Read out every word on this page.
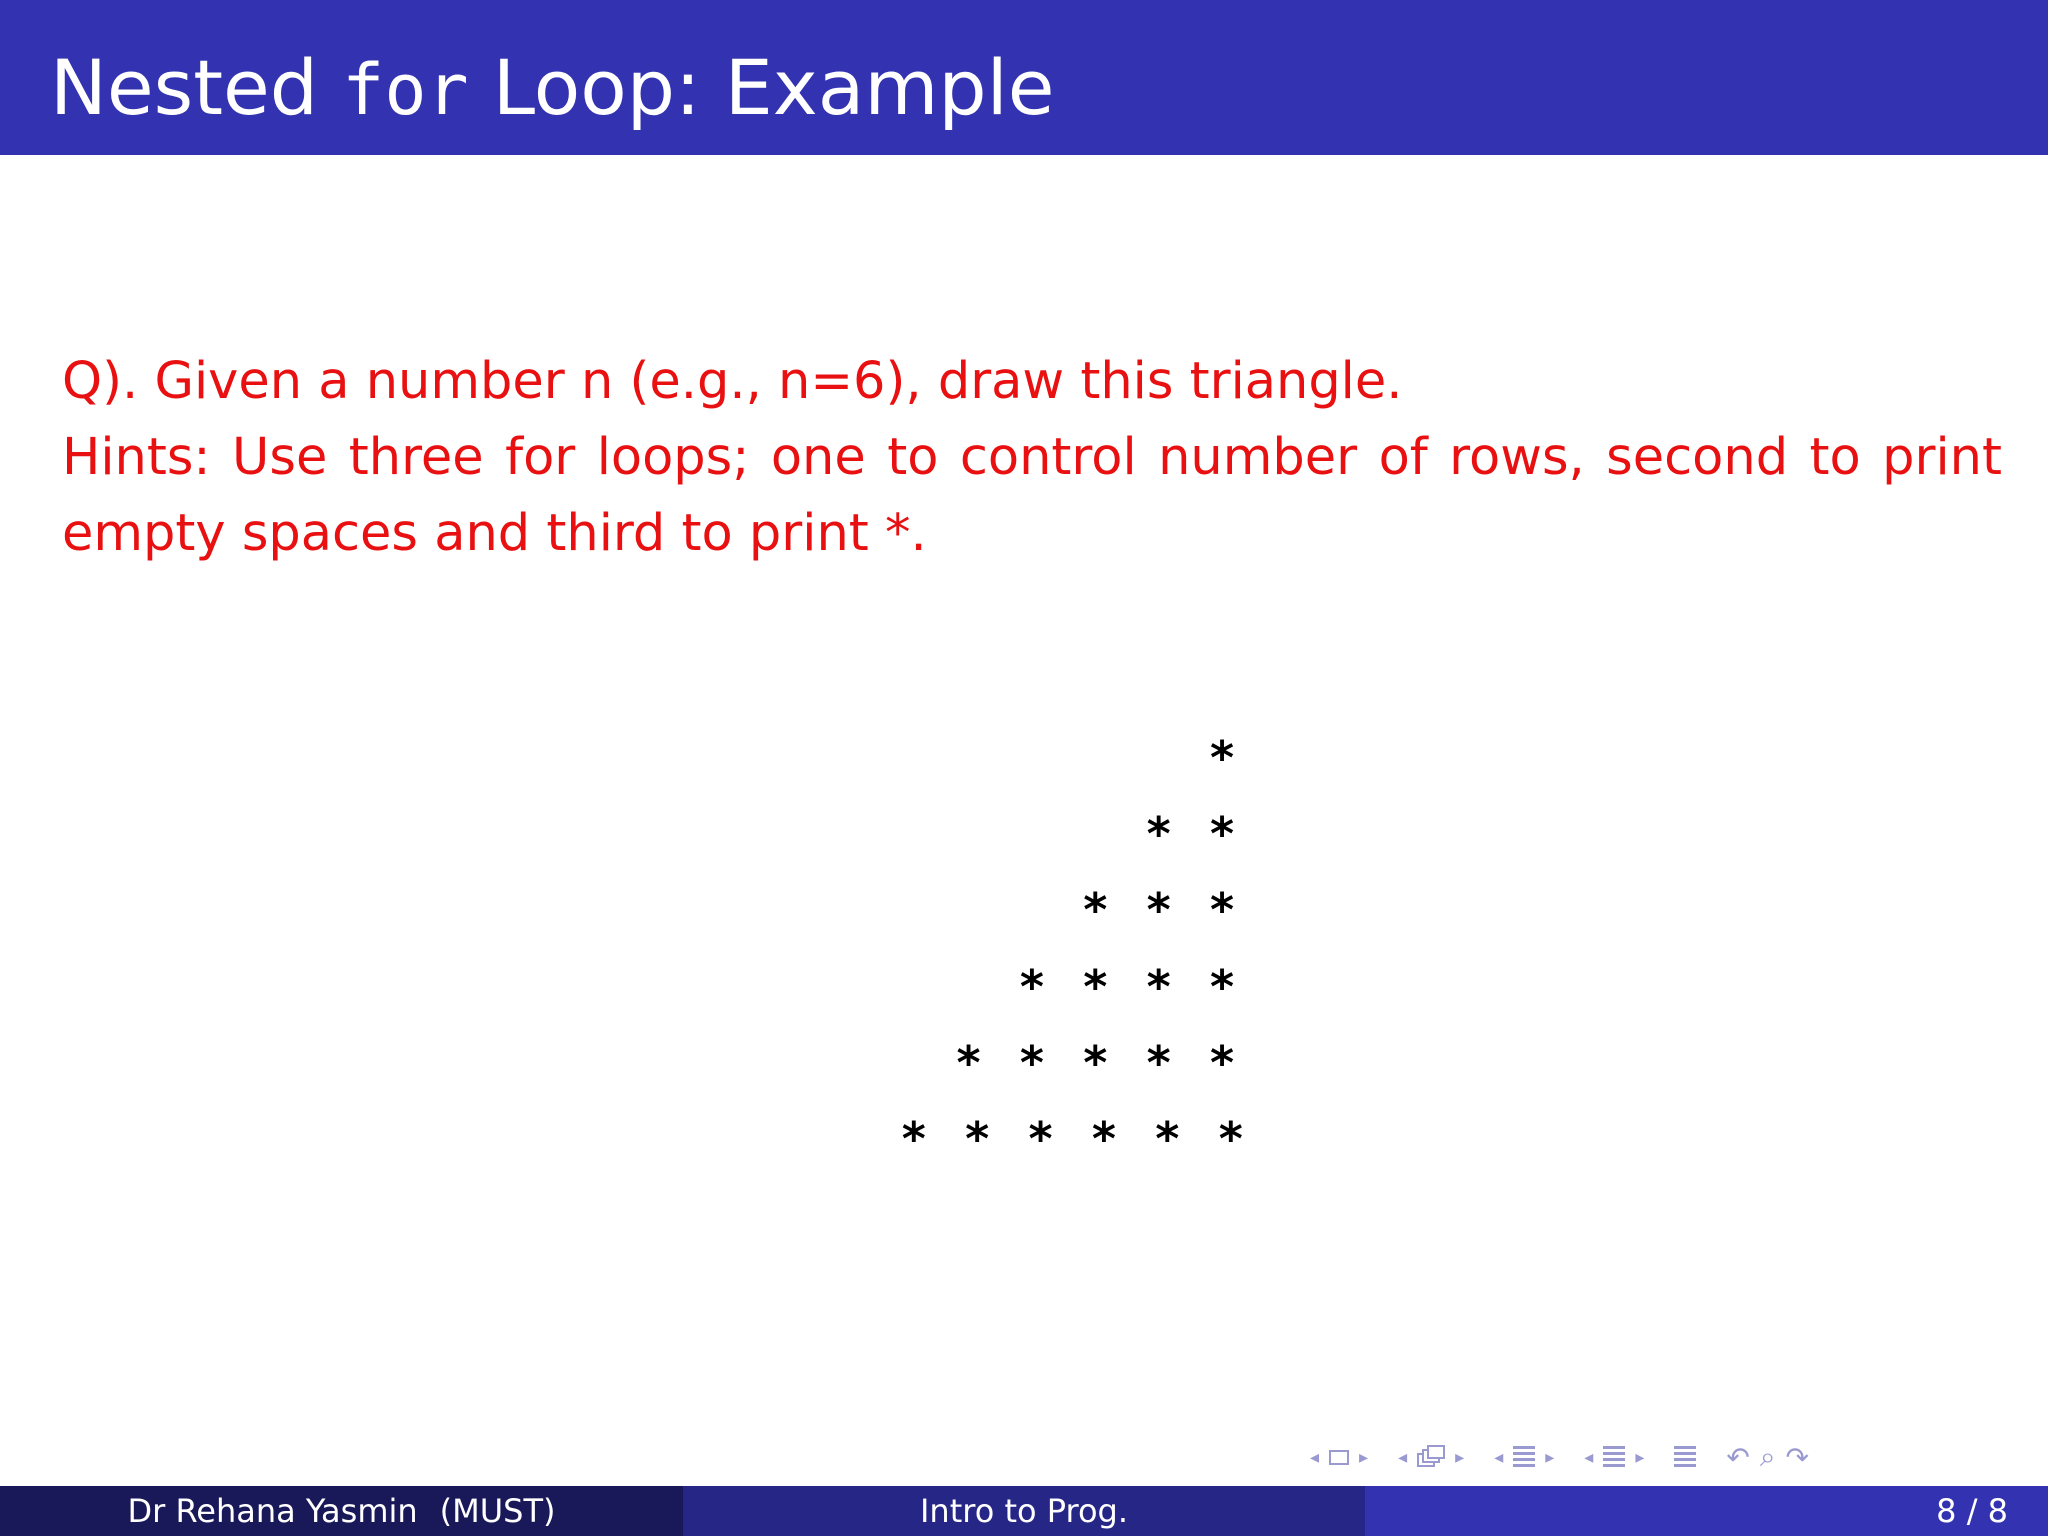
Nested for Loop: Example

Q). Given a number n (e.g., n=6), draw this triangle.

Hints: Use three for loops; one to control number of rows, second to print empty spaces and third to print *.

*
* *
* * *
* * * *
* * * * *
* * * * * *
◂ ▸ ◂	▸ ◂ ▸ ◂ ▸	↶ ⌕ ↷
Dr Rehana Yasmin (MUST)	Intro to Prog.	8 / 8
